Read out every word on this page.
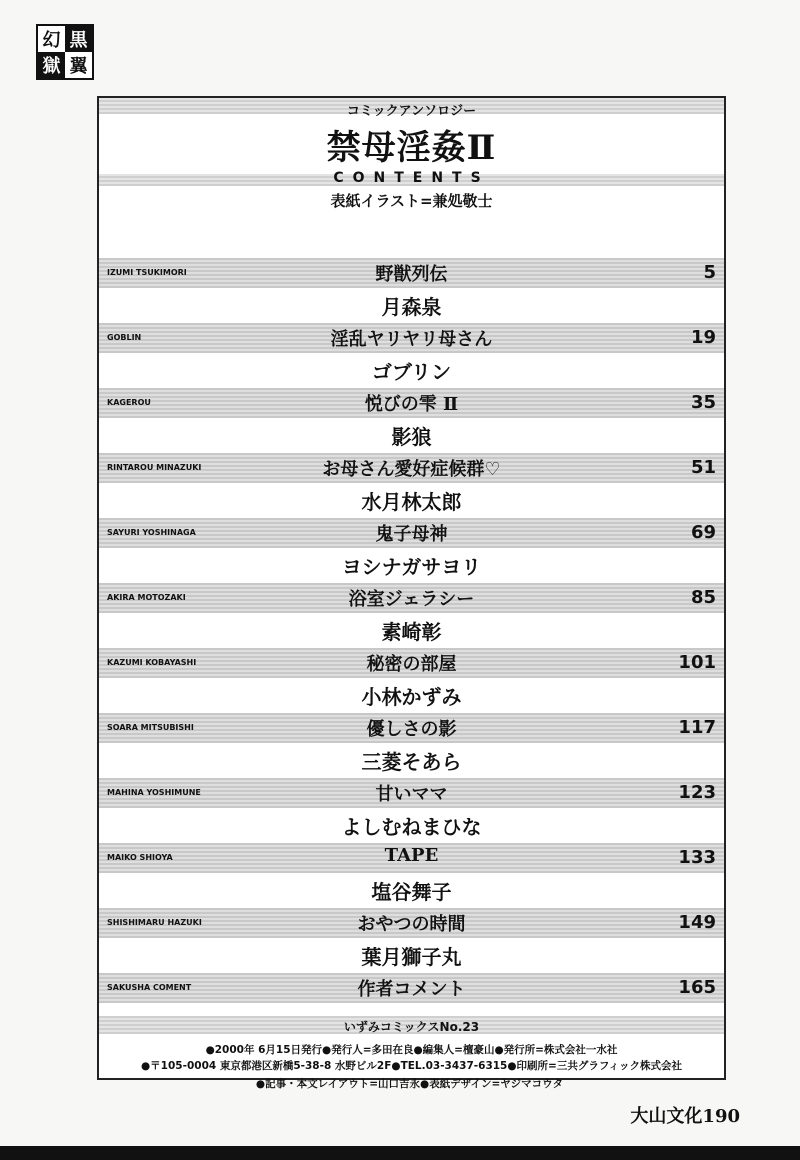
幻 黒
獄 翼
コミックアンソロジー
禁母淫姦Ⅱ
CONTENTS
表紙イラスト=兼処敬士
IZUMI TSUKIMORI	野獣列伝	5
月森泉
GOBLIN	淫乱ヤリヤリ母さん	19
ゴブリン
KAGEROU	悦びの雫 Ⅱ	35
影狼
RINTAROU MINAZUKI	お母さん愛好症候群♡	51
水月林太郎
SAYURI YOSHINAGA	鬼子母神	69
ヨシナガサヨリ
AKIRA MOTOZAKI	浴室ジェラシー	85
素崎彰
KAZUMI KOBAYASHI	秘密の部屋	101
小林かずみ
SOARA MITSUBISHI	優しさの影	117
三菱そあら
MAHINA YOSHIMUNE	甘いママ	123
よしむねまひな
MAIKO SHIOYA	TAPE	133
塩谷舞子
SHISHIMARU HAZUKI	おやつの時間	149
葉月獅子丸
SAKUSHA COMENT	作者コメント	165
いずみコミックスNo.23
●2000年 6月15日発行●発行人=多田在良●編集人=檀豪山●発行所=株式会社一水社
●〒105-0004 東京都港区新橋5-38-8 水野ビル2F●TEL.03-3437-6315●印刷所=三共グラフィック株式会社
●記事・本文レイアウト=山口吉永●表紙デザイン=ヤジマコウタ
大山文化190
